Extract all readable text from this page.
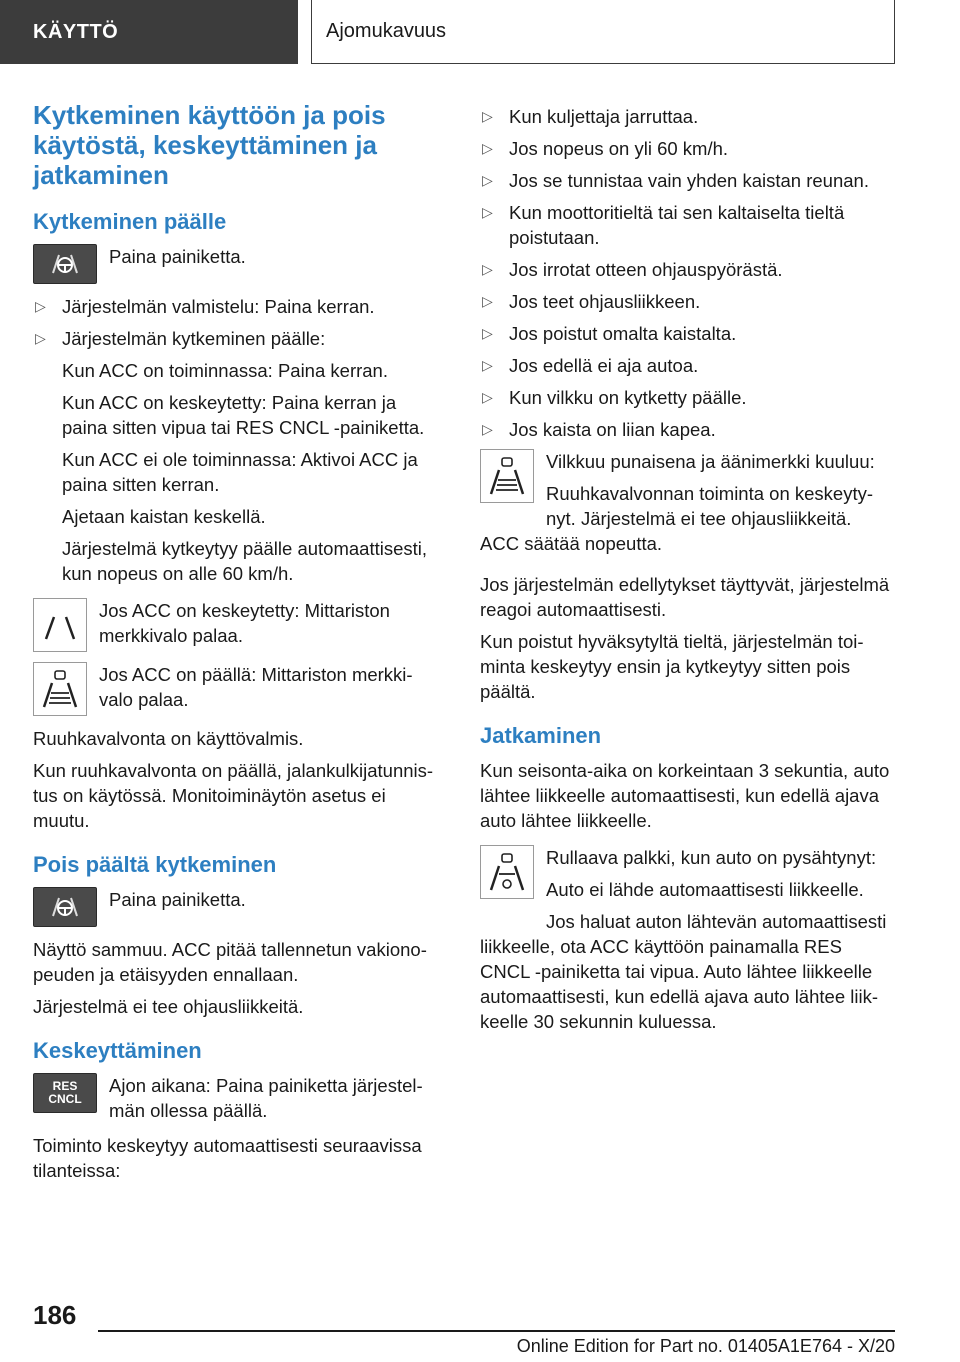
KÄYTTÖ	Ajomukavuus
Kytkeminen käyttöön ja pois käytöstä, keskeyttäminen ja jatkaminen
Kytkeminen päälle
Paina painiketta.
▷ Järjestelmän valmistelu: Paina kerran.
▷ Järjestelmän kytkeminen päälle:
Kun ACC on toiminnassa: Paina kerran.
Kun ACC on keskeytetty: Paina kerran ja paina sitten vipua tai RES CNCL ‑painiketta.
Kun ACC ei ole toiminnassa: Aktivoi ACC ja paina sitten kerran.
Ajetaan kaistan keskellä.
Järjestelmä kytkeytyy päälle automaattisesti, kun nopeus on alle 60 km/h.
Jos ACC on keskeytetty: Mittariston merkkivalo palaa.
Jos ACC on päällä: Mittariston merkkivalo palaa.

Ruuhkavalvonta on käyttövalmis.

Kun ruuhkavalvonta on päällä, jalankulkijatunnistus on käytössä. Monitoiminäytön asetus ei muutu.

Pois päältä kytkeminen
Paina painiketta.

Näyttö sammuu. ACC pitää tallennetun vakionopeuden ja etäisyyden ennallaan.

Järjestelmä ei tee ohjausliikkeitä.

Keskeyttäminen
RES
CNCL
Ajon aikana: Paina painiketta järjestelmän ollessa päällä.

Toiminto keskeytyy automaattisesti seuraavissa tilanteissa:

▷ Kun kuljettaja jarruttaa.
▷ Jos nopeus on yli 60 km/h.
▷ Jos se tunnistaa vain yhden kaistan reunan.
▷ Kun moottoritieltä tai sen kaltaiselta tieltä poistutaan.
▷ Jos irrotat otteen ohjauspyörästä.
▷ Jos teet ohjausliikkeen.
▷ Jos poistut omalta kaistalta.
▷ Jos edellä ei aja autoa.
▷ Kun vilkku on kytketty päälle.
▷ Jos kaista on liian kapea.

Vilkkuu punaisena ja äänimerkki kuuluu:

Ruuhkavalvonnan toiminta on keskeytynyt. Järjestelmä ei tee ohjausliikkeitä.

ACC säätää nopeutta.

Jos järjestelmän edellytykset täyttyvät, järjestelmä reagoi automaattisesti.

Kun poistut hyväksytyltä tieltä, järjestelmän toiminta keskeytyy ensin ja kytkeytyy sitten pois päältä.

Jatkaminen

Kun seisonta-aika on korkeintaan 3 sekuntia, auto lähtee liikkeelle automaattisesti, kun edellä ajava auto lähtee liikkeelle.

Rullaava palkki, kun auto on pysähtynyt:

Auto ei lähde automaattisesti liikkeelle.

Jos haluat auton lähtevän automaattisesti liikkeelle, ota ACC käyttöön painamalla RES CNCL ‑painiketta tai vipua. Auto lähtee liikkeelle automaattisesti, kun edellä ajava auto lähtee liikkeelle 30 sekunnin kuluessa.

186
Online Edition for Part no. 01405A1E764 - X/20
